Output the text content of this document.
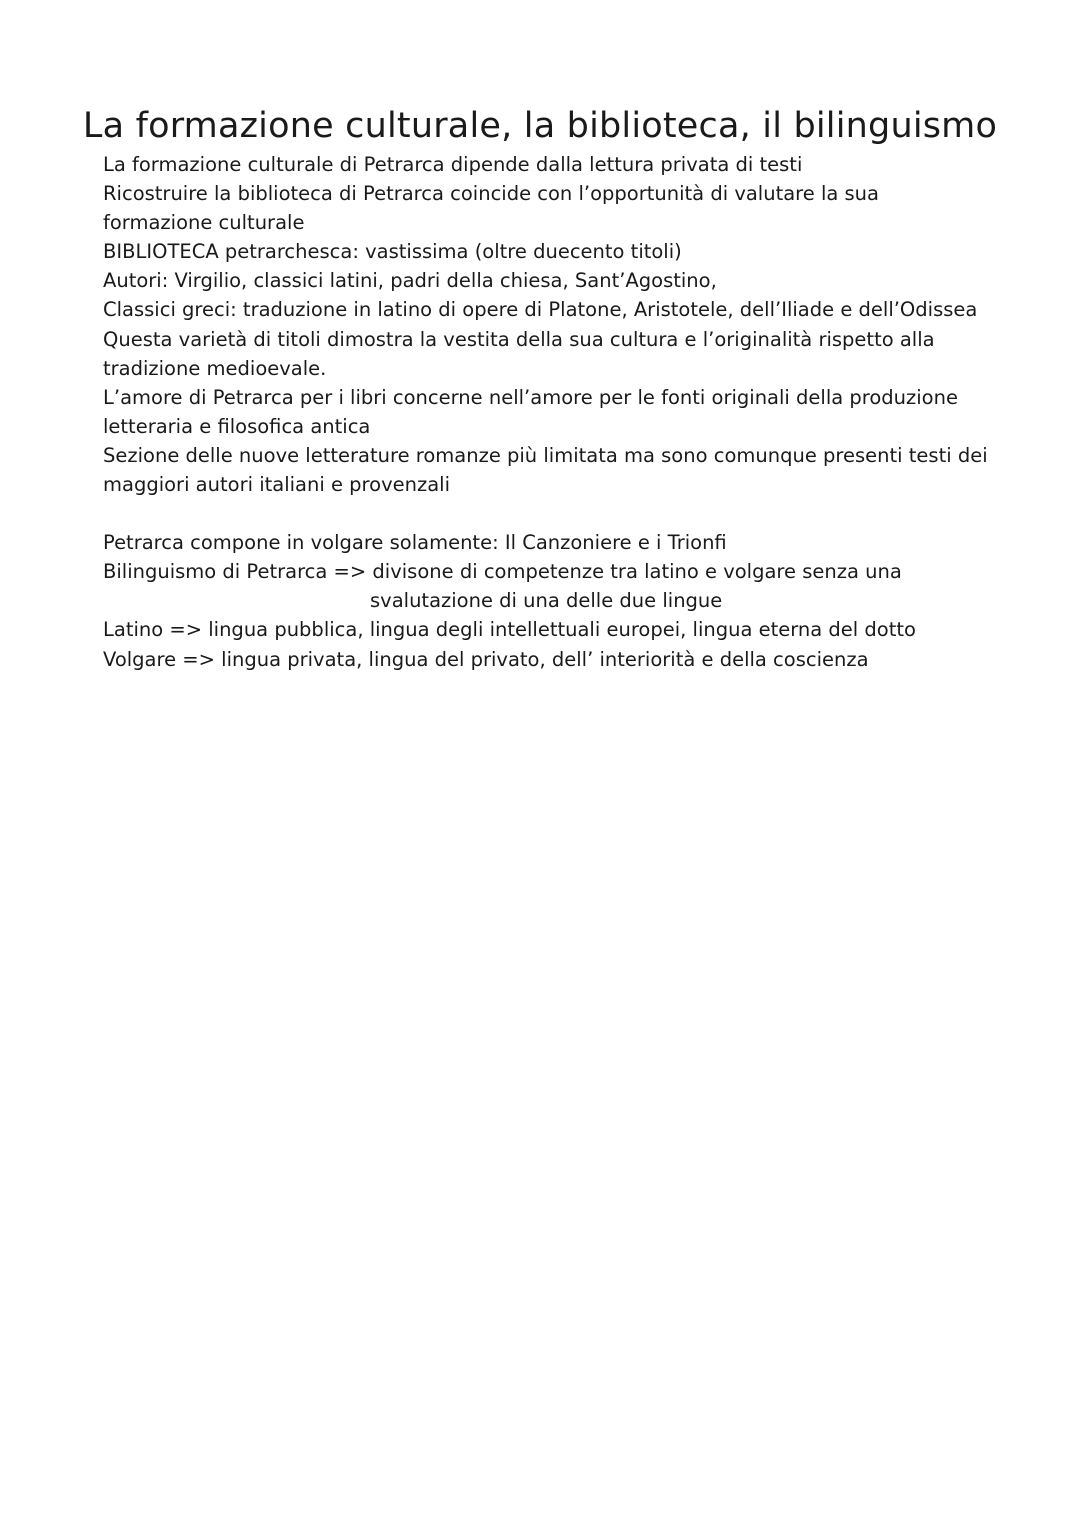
La formazione culturale, la biblioteca, il bilinguismo
La formazione culturale di Petrarca dipende dalla lettura privata di testi
Ricostruire la biblioteca di Petrarca coincide con l’opportunità di valutare la sua
formazione culturale
BIBLIOTECA petrarchesca: vastissima (oltre duecento titoli)
Autori: Virgilio, classici latini, padri della chiesa, Sant’Agostino,
Classici greci: traduzione in latino di opere di Platone, Aristotele, dell’Iliade e dell’Odissea
Questa varietà di titoli dimostra la vestita della sua cultura e l’originalità rispetto alla
tradizione medioevale.
L’amore di Petrarca per i libri concerne nell’amore per le fonti originali della produzione
letteraria e filosofica antica
Sezione delle nuove letterature romanze più limitata ma sono comunque presenti testi dei
maggiori autori italiani e provenzali
Petrarca compone in volgare solamente: Il Canzoniere e i Trionfi
Bilinguismo di Petrarca => divisone di competenze tra latino e volgare senza una
svalutazione di una delle due lingue
Latino => lingua pubblica, lingua degli intellettuali europei, lingua eterna del dotto
Volgare => lingua privata, lingua del privato, dell’ interiorità e della coscienza
